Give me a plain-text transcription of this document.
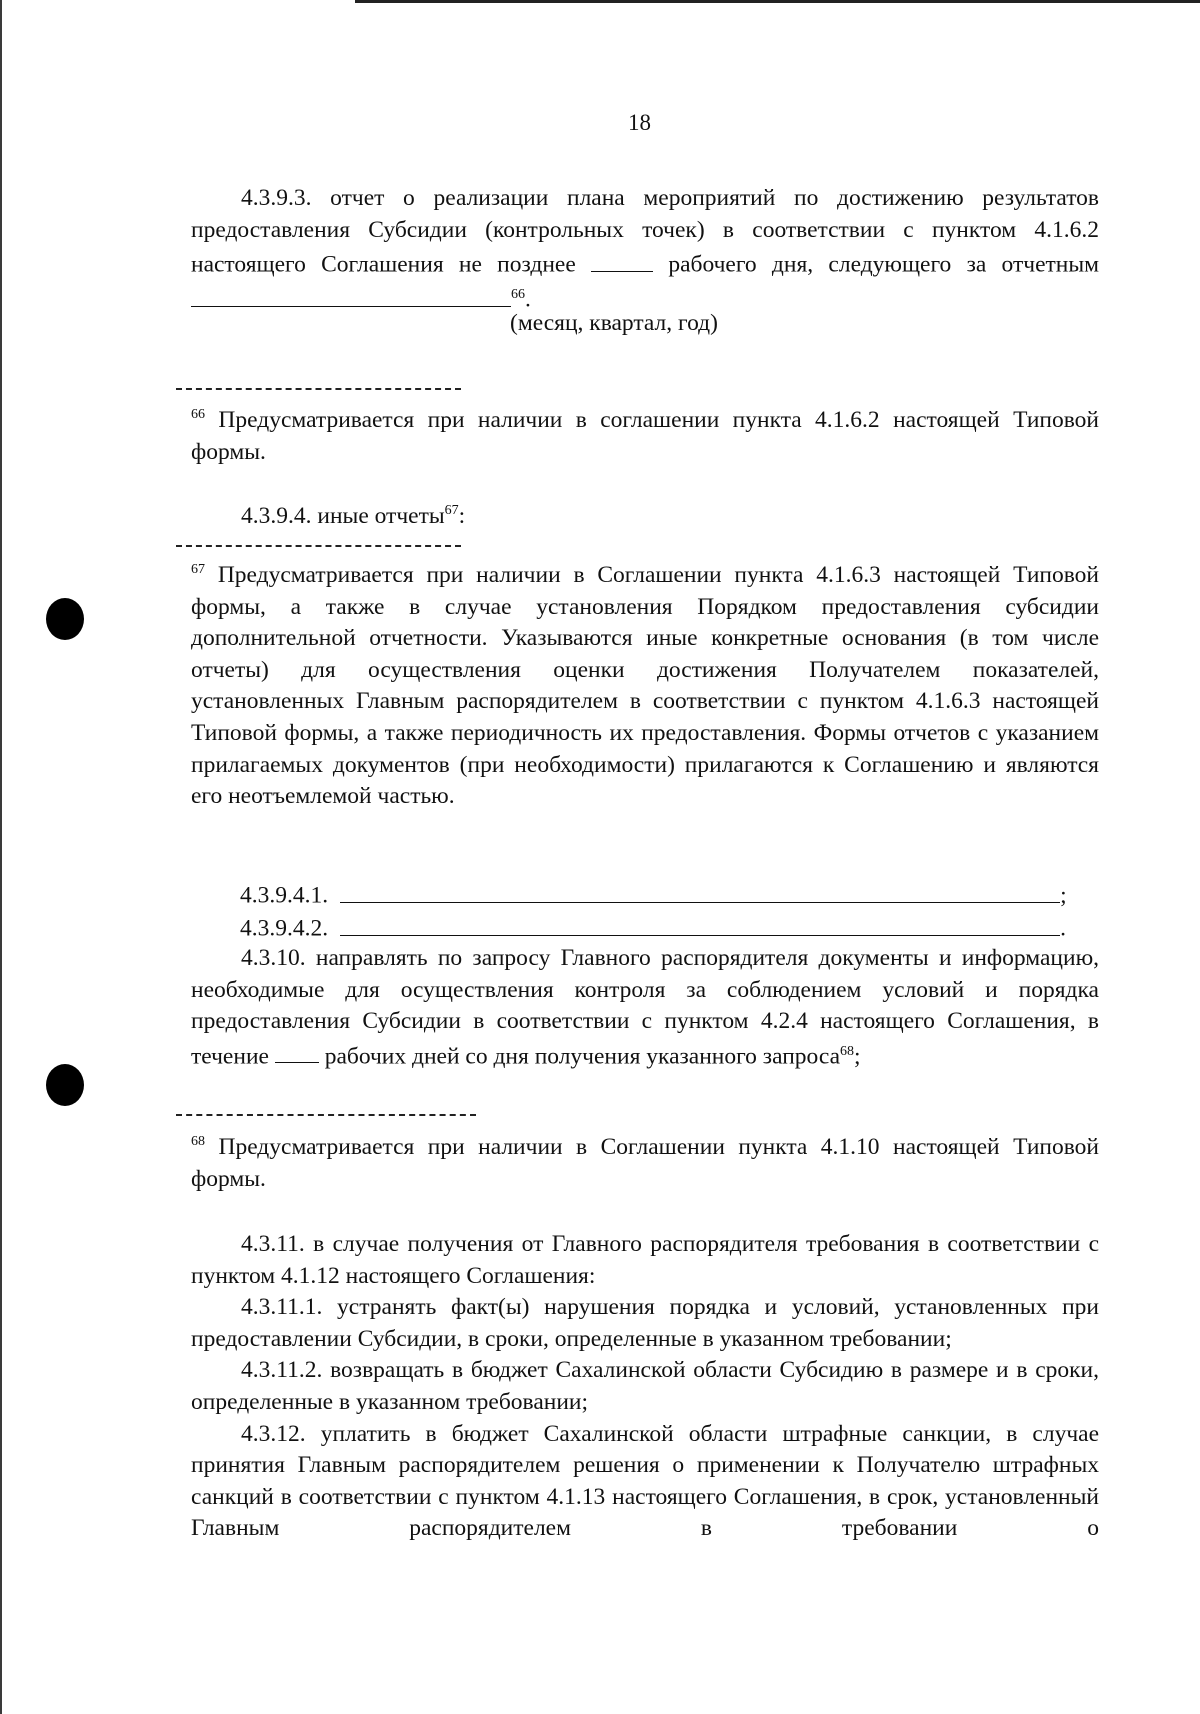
18

4.3.9.3. отчет о реализации плана мероприятий по достижению результатов предоставления Субсидии (контрольных точек) в соответствии с пунктом 4.1.6.2 настоящего Соглашения не позднее	рабочего дня, следующего за отчетным $^{66}$.

(месяц, квартал, год)

$^{66}$ Предусматривается при наличии в соглашении пункта 4.1.6.2 настоящей Типовой формы.

4.3.9.4. иные отчеты$^{67}$:

$^{67}$ Предусматривается при наличии в Соглашении пункта 4.1.6.3 настоящей Типовой формы, а также в случае установления Порядком предоставления субсидии дополнительной отчетности. Указываются иные конкретные основания (в том числе отчеты) для осуществления оценки достижения Получателем показателей, установленных Главным распорядителем в соответствии с пунктом 4.1.6.3 настоящей Типовой формы, а также периодичность их предоставления. Формы отчетов с указанием прилагаемых документов (при необходимости) прилагаются к Соглашению и являются его неотъемлемой частью.

4.3.9.4.1.	;
4.3.9.4.2.	.

4.3.10. направлять по запросу Главного распорядителя документы и информацию, необходимые для осуществления контроля за соблюдением условий и порядка предоставления Субсидии в соответствии с пунктом 4.2.4 настоящего Соглашения, в течение рабочих дней со дня получения указанного запроса$^{68}$;

$^{68}$ Предусматривается при наличии в Соглашении пункта 4.1.10 настоящей Типовой формы.

4.3.11. в случае получения от Главного распорядителя требования в соответствии с пунктом 4.1.12 настоящего Соглашения:

4.3.11.1. устранять факт(ы) нарушения порядка и условий, установленных при предоставлении Субсидии, в сроки, определенные в указанном требовании;

4.3.11.2. возвращать в бюджет Сахалинской области Субсидию в размере и в сроки, определенные в указанном требовании;

4.3.12. уплатить в бюджет Сахалинской области штрафные санкции, в случае принятия Главным распорядителем решения о применении к Получателю штрафных санкций в соответствии с пунктом 4.1.13 настоящего Соглашения, в срок, установленный Главным распорядителем в требовании о
